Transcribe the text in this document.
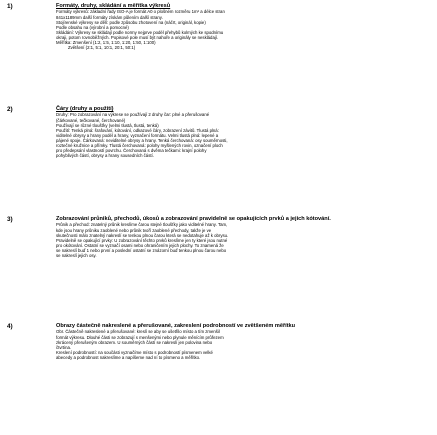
1)	Formáty, druhy, skládání a měřítka výkresů
Formáty výkresů: základní řady ISO-A je formát A0 o plošném rozměru 1m² a délce stran
841x1189mm další formáty získám půlením další strany.
Stojírenské výkresy se dělí: podle způsobu zhotovení na (náčrt, originál, kopie)
Podle obsahu na (výrobní a pomocné)
Skládání: Výkresy se skládají podle normy nejprve podél přehybů kolmých ke spodnímu
okraji, potom rovnoběžných. Popisové pole musí být nahoře a originály se neskládají.
Měřítka: Zmenšení (1:2, 1:5, 1:10, 1:20, 1:50, 1:100)
Zvětšení (2:1, 5:1, 10:1, 20:1, 50:1)
2)	Čáry (druhy a použití)
Druhy: Pro zobrazování na výkrese se používají 2 druhy čar: plné a přerušované
(čárkované, tečkované, čerchované)
Používají se různé tloušťky (velmi tlustá, tlustá, tenká)
Použití: Tenká plná: šrafování, kótování, odkazové čáry, zobrazení závitů. Tlustá plná:
viditelné obrysy a hrany podél a hrany, vyznačení formátu. Velmi tlustá plná: lepené a
pájené spoje. Čárkovaná: neviditelné obrysy a hrany. Tenká čerchovaná: osy souměrnosti,
roztečné kružnice a přímky. Tlustá čerchovaná: polohy myšlených rovin, označení ploch
pro předepsání vlastností povrchu. Čerchovaná s dvěma tečkami: krajní polohy
pohyblivých částí, obrysy a hrany sousedních částí.
3)	Zobrazování průniků, přechodů, úkosů a zobrazování pravidelně se opakujících prvků a jejich kótování.
Průnik a přechod: znatelný průnik kreslíme čarou stejné tloušťky jako viditelné hrany. Tam,
kde jsou hrany průniku zaoblené nebo průnik tvoří zaoblené přechody, takže je ve
skutečnosti málo znatelný nakreslí se tenkou plnou čarou která se nedotahuje až k obrysu.
Pravidelně se opakující prvky: U zobrazování těchto prvků kreslíme jen ty které jsou nutné
pro okótování. Ostatní se vyznačí osami nebo ohraničením jejich plochy. To znamená že
se nakreslí buď 1 nebo první a poslední ostatní se znázorní buď tenkou plnou čarou nebo
se nakreslí jejich osy.
4)	Obrazy částečně nakreslené a přerušované, zakreslení podrobností ve zvětšeném měřítku
Obr. Částečně nakreslené a přerušované: kreslí se aby se ušetřilo místo a tím zmenšil
formát výkresu. Dlouhé části se zobrazují s menšenými nebo plynule měnícím průřezem
zkrácený přerušeným obrazem. U souměrných částí se nakreslí jen polovina nebo
čtvrtina.
Kreslení podrobností: na součásti vyznačíme místo s podrobností písmenem velké
abecedy a podrobnost nakreslíme a napíšeme nad ní to písmeno a měřítko.
